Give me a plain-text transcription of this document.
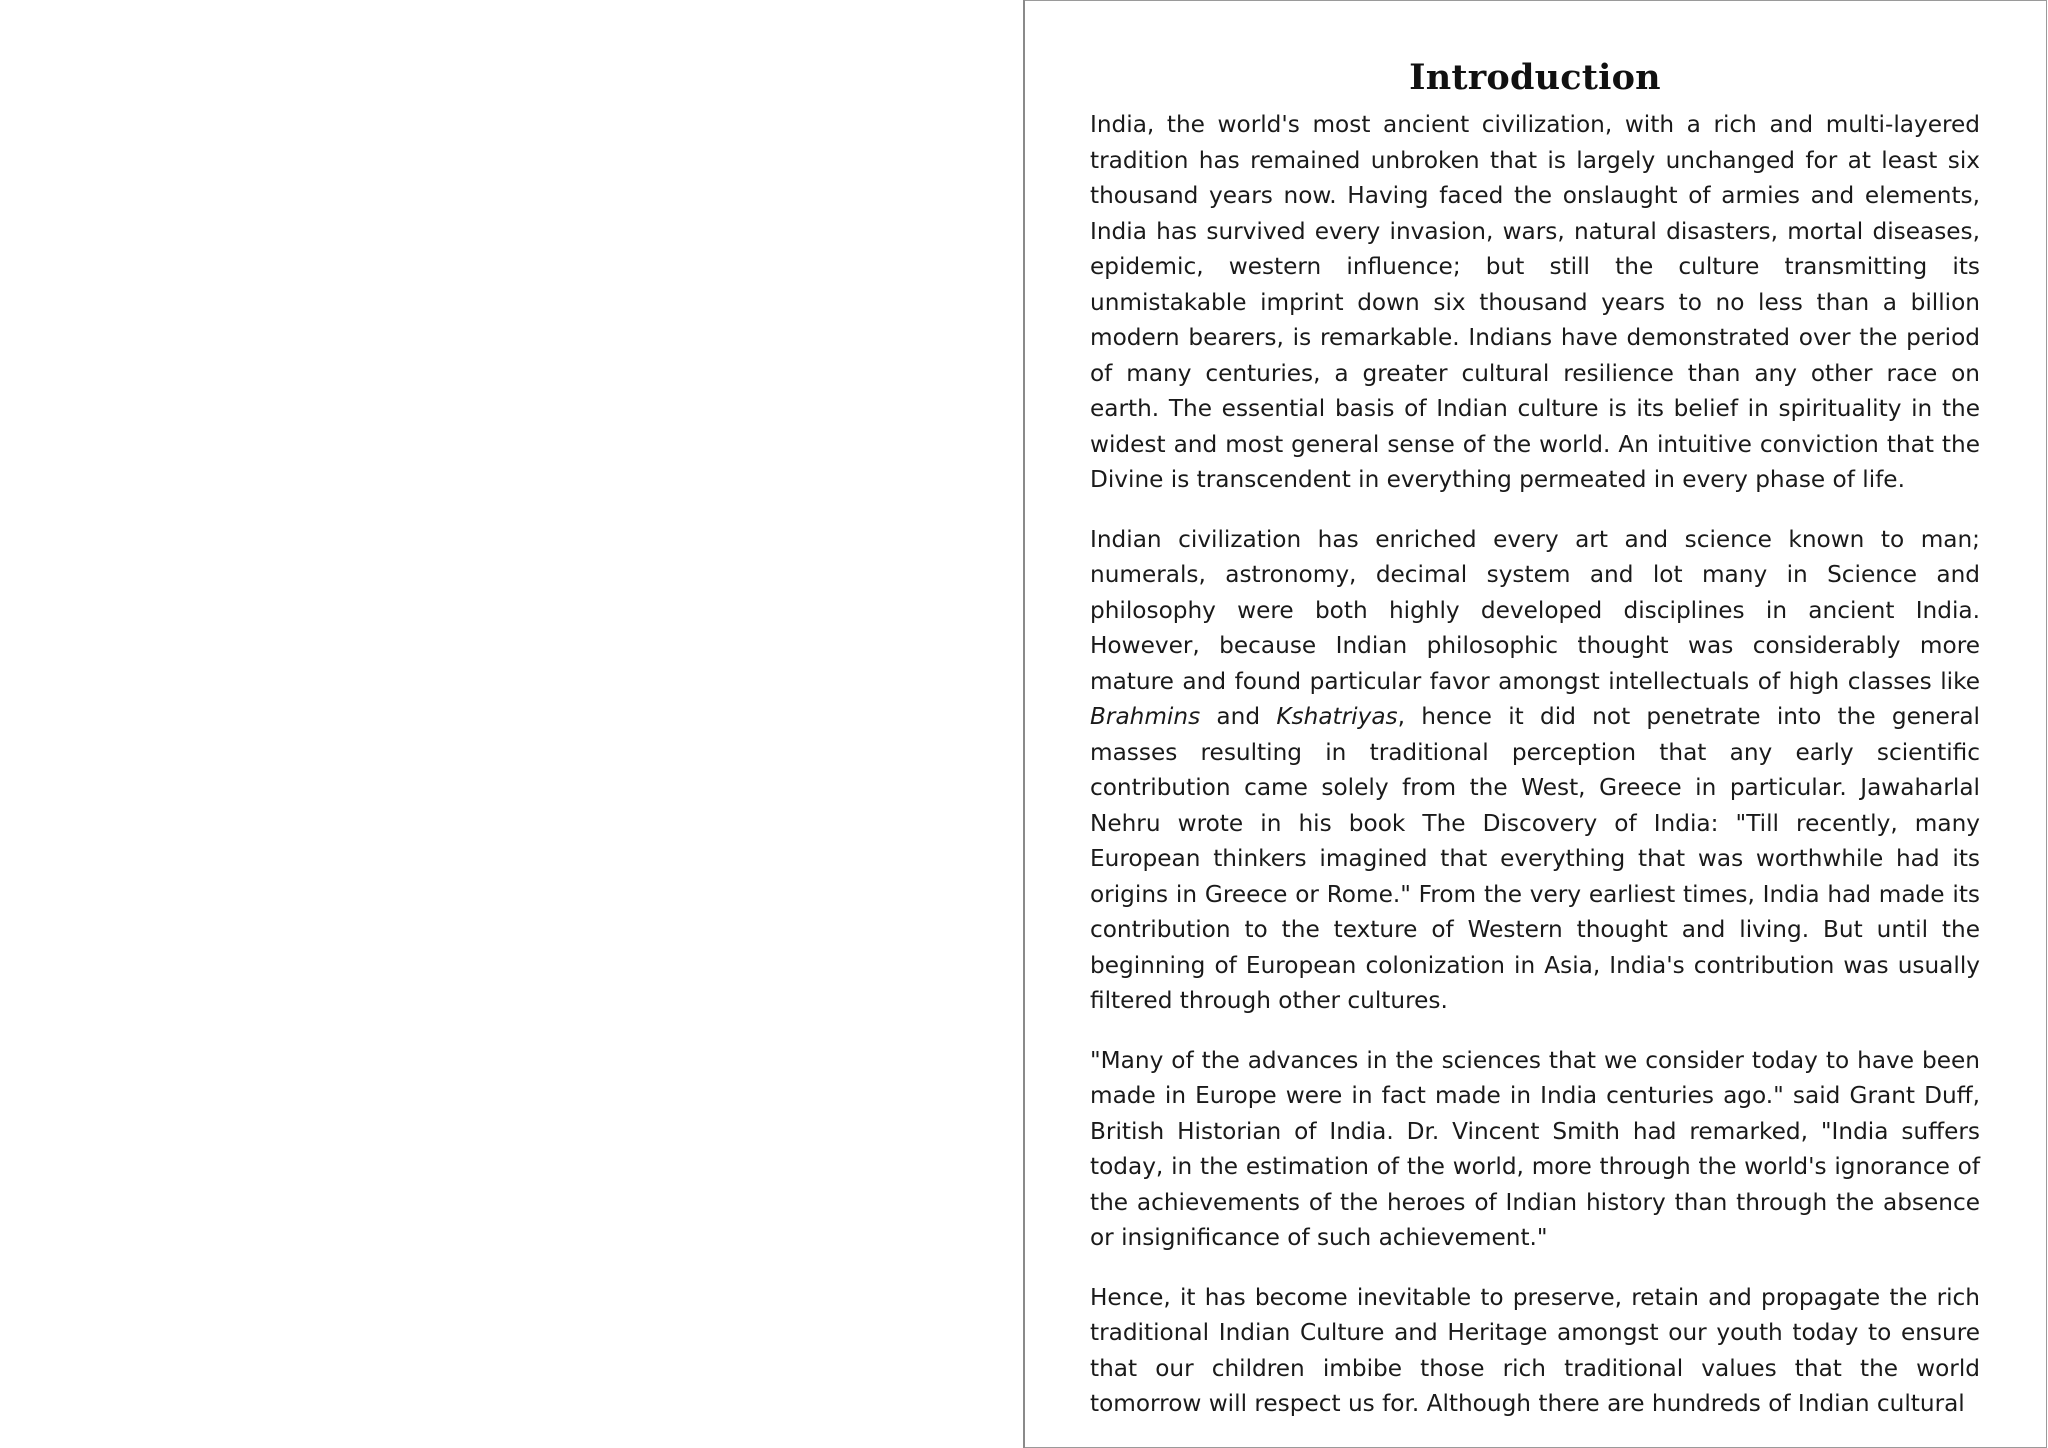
Introduction

India, the world's most ancient civilization, with a rich and multi-layered tradition has remained unbroken that is largely unchanged for at least six thousand years now. Having faced the onslaught of armies and elements, India has survived every invasion, wars, natural disasters, mortal diseases, epidemic, western influence; but still the culture transmitting its unmistakable imprint down six thousand years to no less than a billion modern bearers, is remarkable. Indians have demonstrated over the period of many centuries, a greater cultural resilience than any other race on earth. The essential basis of Indian culture is its belief in spirituality in the widest and most general sense of the world. An intuitive conviction that the Divine is transcendent in everything permeated in every phase of life.

Indian civilization has enriched every art and science known to man; numerals, astronomy, decimal system and lot many in Science and philosophy were both highly developed disciplines in ancient India. However, because Indian philosophic thought was considerably more mature and found particular favor amongst intellectuals of high classes like Brahmins and Kshatriyas, hence it did not penetrate into the general masses resulting in traditional perception that any early scientific contribution came solely from the West, Greece in particular. Jawaharlal Nehru wrote in his book The Discovery of India: "Till recently, many European thinkers imagined that everything that was worthwhile had its origins in Greece or Rome." From the very earliest times, India had made its contribution to the texture of Western thought and living. But until the beginning of European colonization in Asia, India's contribution was usually filtered through other cultures.

"Many of the advances in the sciences that we consider today to have been made in Europe were in fact made in India centuries ago." said Grant Duff, British Historian of India. Dr. Vincent Smith had remarked, "India suffers today, in the estimation of the world, more through the world's ignorance of the achievements of the heroes of Indian history than through the absence or insignificance of such achievement."

Hence, it has become inevitable to preserve, retain and propagate the rich traditional Indian Culture and Heritage amongst our youth today to ensure that our children imbibe those rich traditional values that the world tomorrow will respect us for. Although there are hundreds of Indian cultural
